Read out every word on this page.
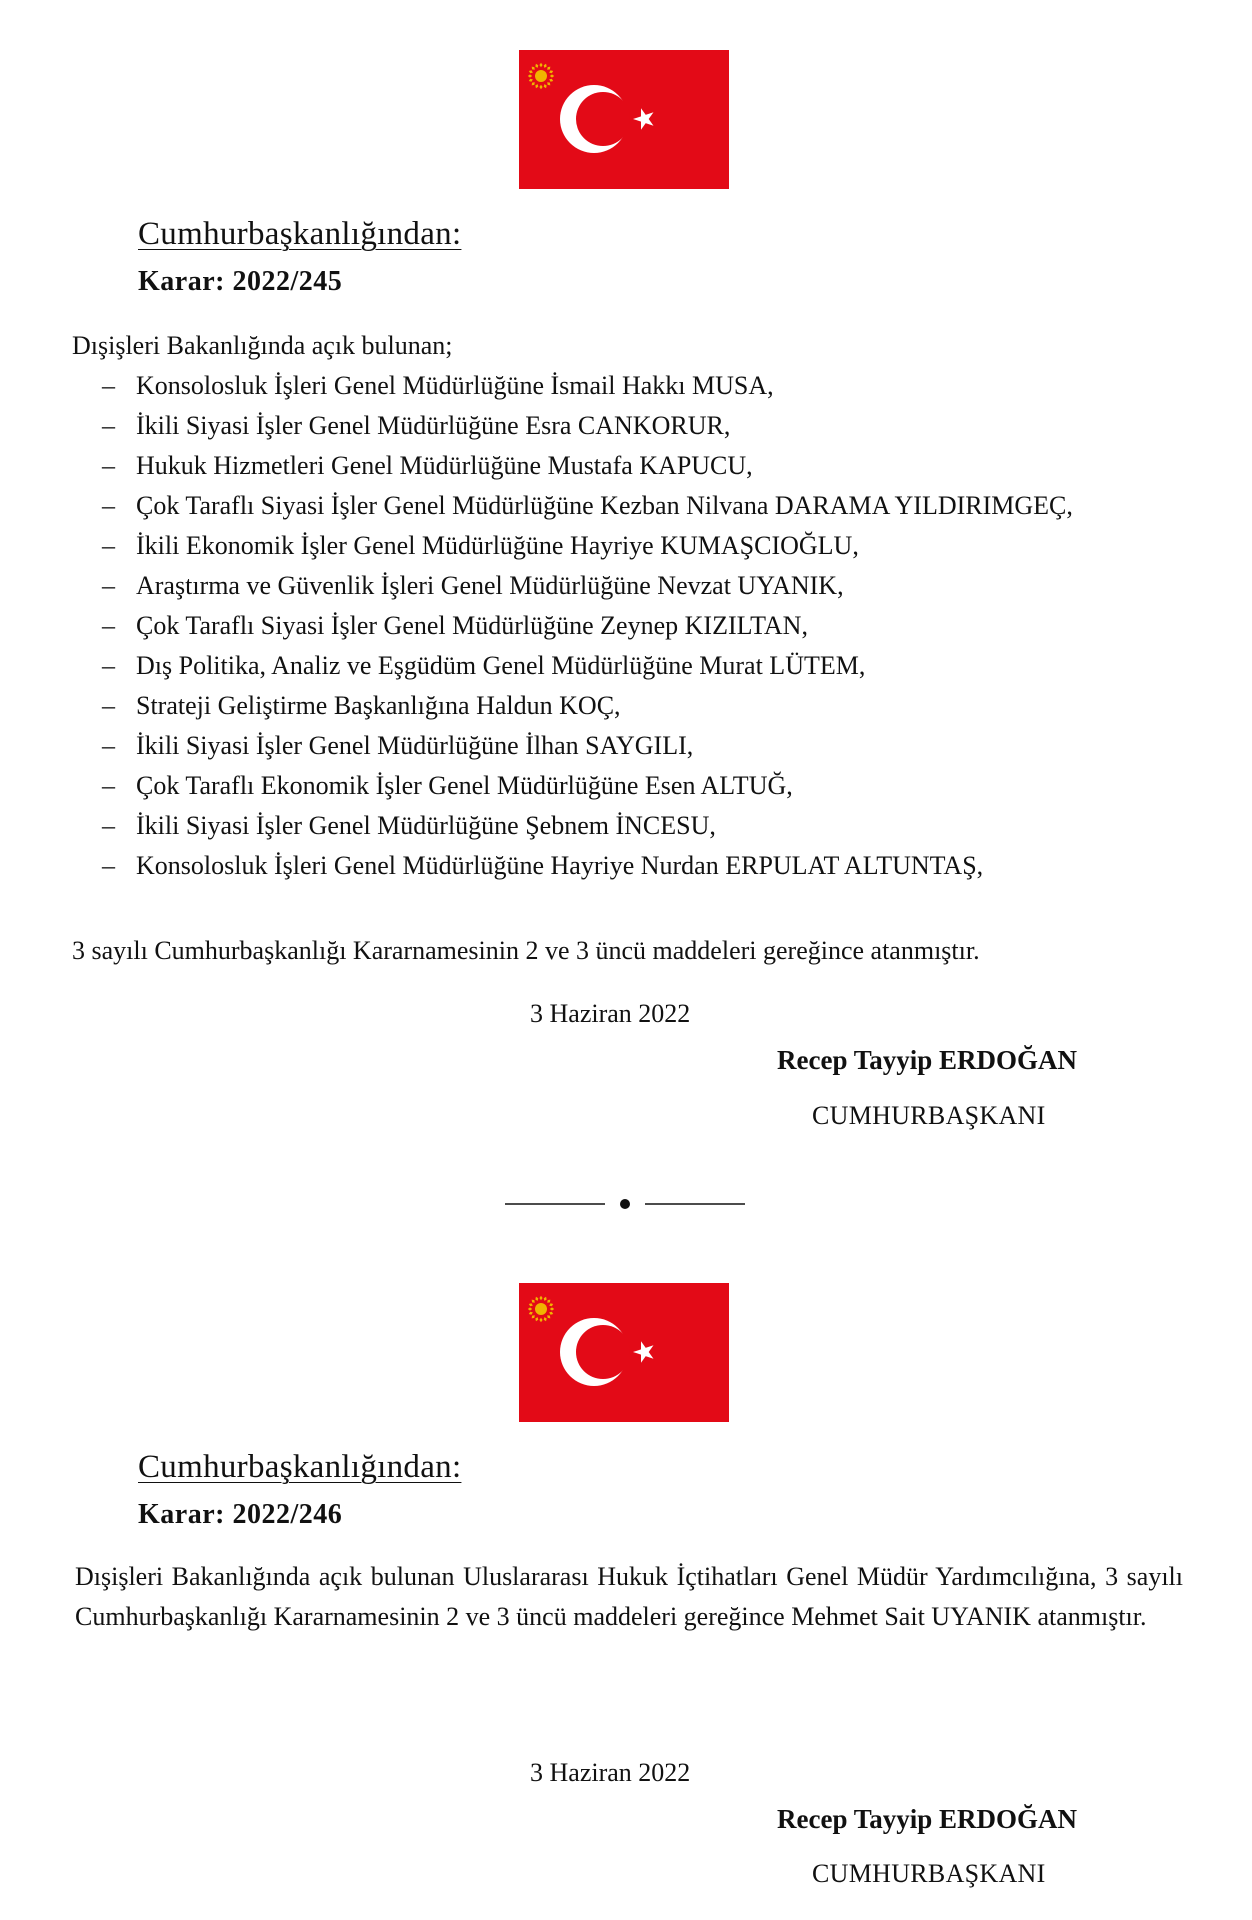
Cumhurbaşkanlığından:
Karar: 2022/245
Dışişleri Bakanlığında açık bulunan;
– Konsolosluk İşleri Genel Müdürlüğüne İsmail Hakkı MUSA,
– İkili Siyasi İşler Genel Müdürlüğüne Esra CANKORUR,
– Hukuk Hizmetleri Genel Müdürlüğüne Mustafa KAPUCU,
– Çok Taraflı Siyasi İşler Genel Müdürlüğüne Kezban Nilvana DARAMA YILDIRIMGEÇ,
– İkili Ekonomik İşler Genel Müdürlüğüne Hayriye KUMAŞCIOĞLU,
– Araştırma ve Güvenlik İşleri Genel Müdürlüğüne Nevzat UYANIK,
– Çok Taraflı Siyasi İşler Genel Müdürlüğüne Zeynep KIZILTAN,
– Dış Politika, Analiz ve Eşgüdüm Genel Müdürlüğüne Murat LÜTEM,
– Strateji Geliştirme Başkanlığına Haldun KOÇ,
– İkili Siyasi İşler Genel Müdürlüğüne İlhan SAYGILI,
– Çok Taraflı Ekonomik İşler Genel Müdürlüğüne Esen ALTUĞ,
– İkili Siyasi İşler Genel Müdürlüğüne Şebnem İNCESU,
– Konsolosluk İşleri Genel Müdürlüğüne Hayriye Nurdan ERPULAT ALTUNTAŞ,
3 sayılı Cumhurbaşkanlığı Kararnamesinin 2 ve 3 üncü maddeleri gereğince atanmıştır.
3 Haziran 2022
Recep Tayyip ERDOĞAN
CUMHURBAŞKANI
Cumhurbaşkanlığından:
Karar: 2022/246

Dışişleri Bakanlığında açık bulunan Uluslararası Hukuk İçtihatları Genel Müdür Yardımcılığına, 3 sayılı Cumhurbaşkanlığı Kararnamesinin 2 ve 3 üncü maddeleri gereğince Mehmet Sait UYANIK atanmıştır.

3 Haziran 2022
Recep Tayyip ERDOĞAN
CUMHURBAŞKANI
